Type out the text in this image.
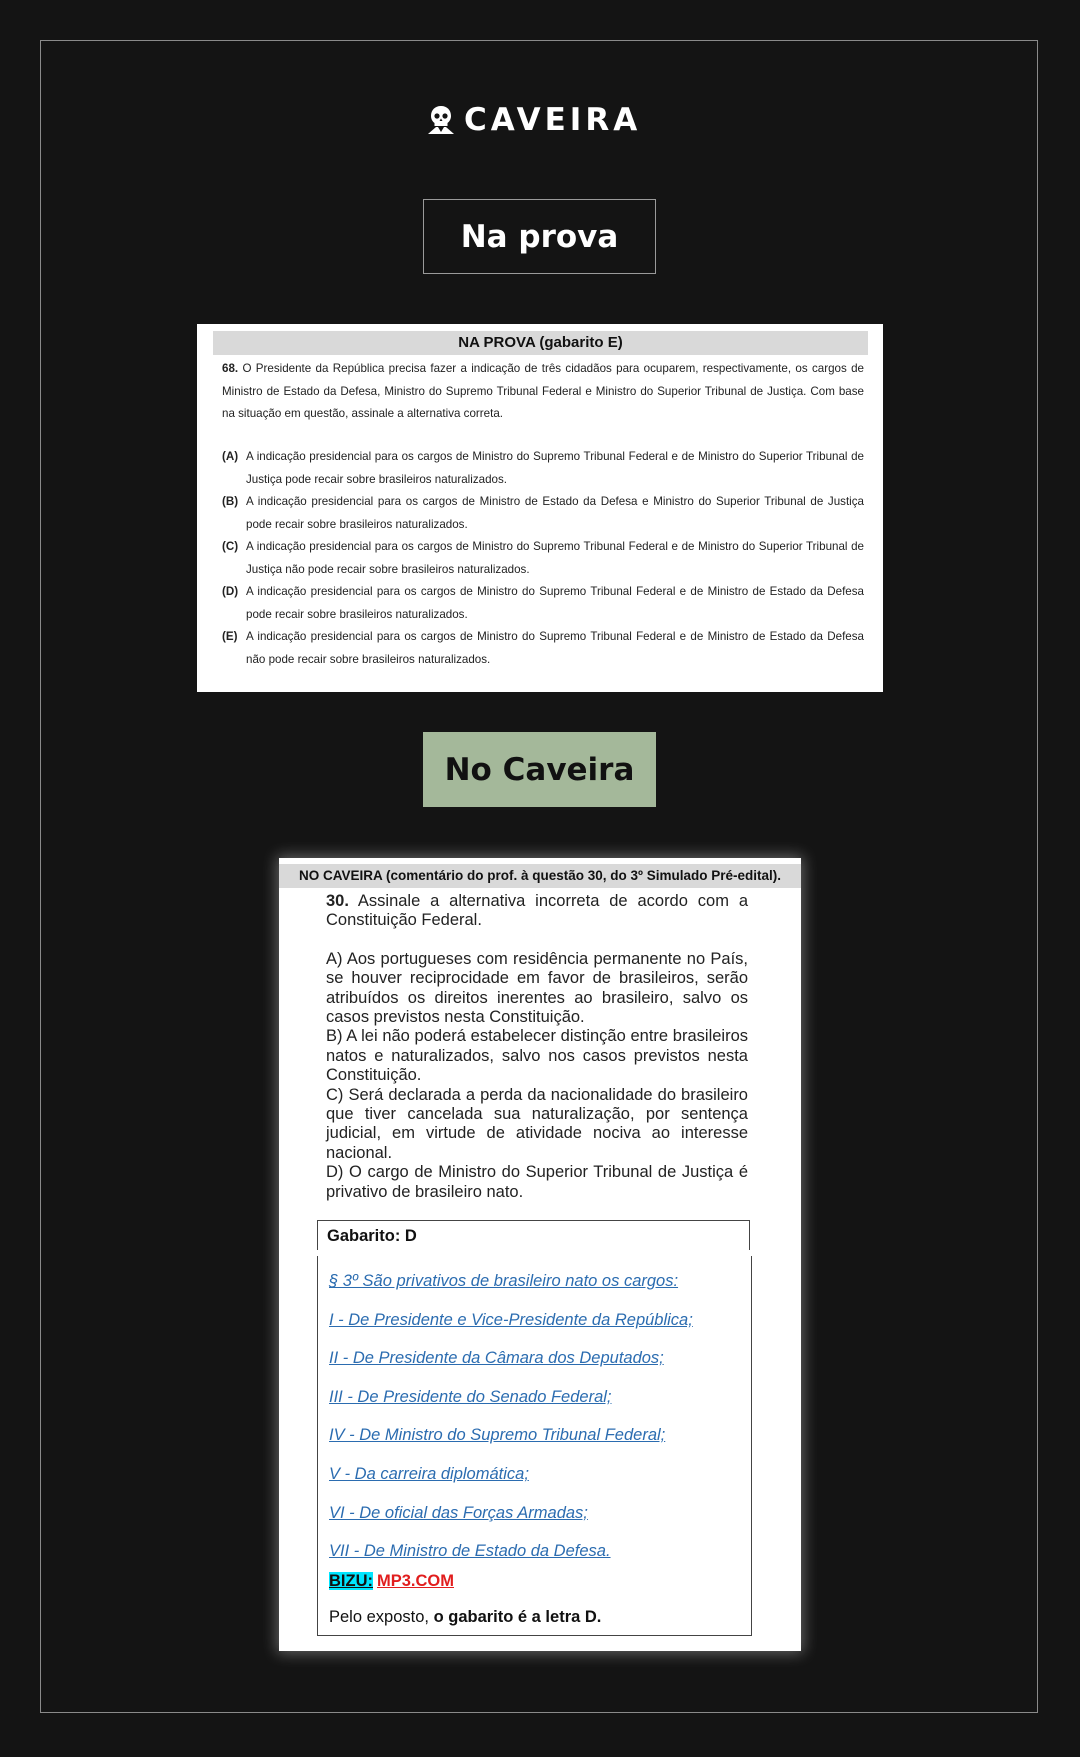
CAVEIRA
Na prova
NA PROVA (gabarito E)
68. O Presidente da República precisa fazer a indicação de três cidadãos para ocuparem, respectivamente, os cargos de Ministro de Estado da Defesa, Ministro do Supremo Tribunal Federal e Ministro do Superior Tribunal de Justiça. Com base na situação em questão, assinale a alternativa correta.
(A) A indicação presidencial para os cargos de Ministro do Supremo Tribunal Federal e de Ministro do Superior Tribunal de Justiça pode recair sobre brasileiros naturalizados.
(B) A indicação presidencial para os cargos de Ministro de Estado da Defesa e Ministro do Superior Tribunal de Justiça pode recair sobre brasileiros naturalizados.
(C) A indicação presidencial para os cargos de Ministro do Supremo Tribunal Federal e de Ministro do Superior Tribunal de Justiça não pode recair sobre brasileiros naturalizados.
(D) A indicação presidencial para os cargos de Ministro do Supremo Tribunal Federal e de Ministro de Estado da Defesa pode recair sobre brasileiros naturalizados.
(E) A indicação presidencial para os cargos de Ministro do Supremo Tribunal Federal e de Ministro de Estado da Defesa não pode recair sobre brasileiros naturalizados.
No Caveira
NO CAVEIRA (comentário do prof. à questão 30, do 3º Simulado Pré-edital).
30. Assinale a alternativa incorreta de acordo com a Constituição Federal.
A) Aos portugueses com residência permanente no País, se houver reciprocidade em favor de brasileiros, serão atribuídos os direitos inerentes ao brasileiro, salvo os casos previstos nesta Constituição.
B) A lei não poderá estabelecer distinção entre brasileiros natos e naturalizados, salvo nos casos previstos nesta Constituição.
C) Será declarada a perda da nacionalidade do brasileiro que tiver cancelada sua naturalização, por sentença judicial, em virtude de atividade nociva ao interesse nacional.
D) O cargo de Ministro do Superior Tribunal de Justiça é privativo de brasileiro nato.
Gabarito: D
§ 3º São privativos de brasileiro nato os cargos:
I - De Presidente e Vice-Presidente da República;
II - De Presidente da Câmara dos Deputados;
III - De Presidente do Senado Federal;
IV - De Ministro do Supremo Tribunal Federal;
V - Da carreira diplomática;
VI - De oficial das Forças Armadas;
VII - De Ministro de Estado da Defesa.
BIZU: MP3.COM
Pelo exposto, o gabarito é a letra D.
